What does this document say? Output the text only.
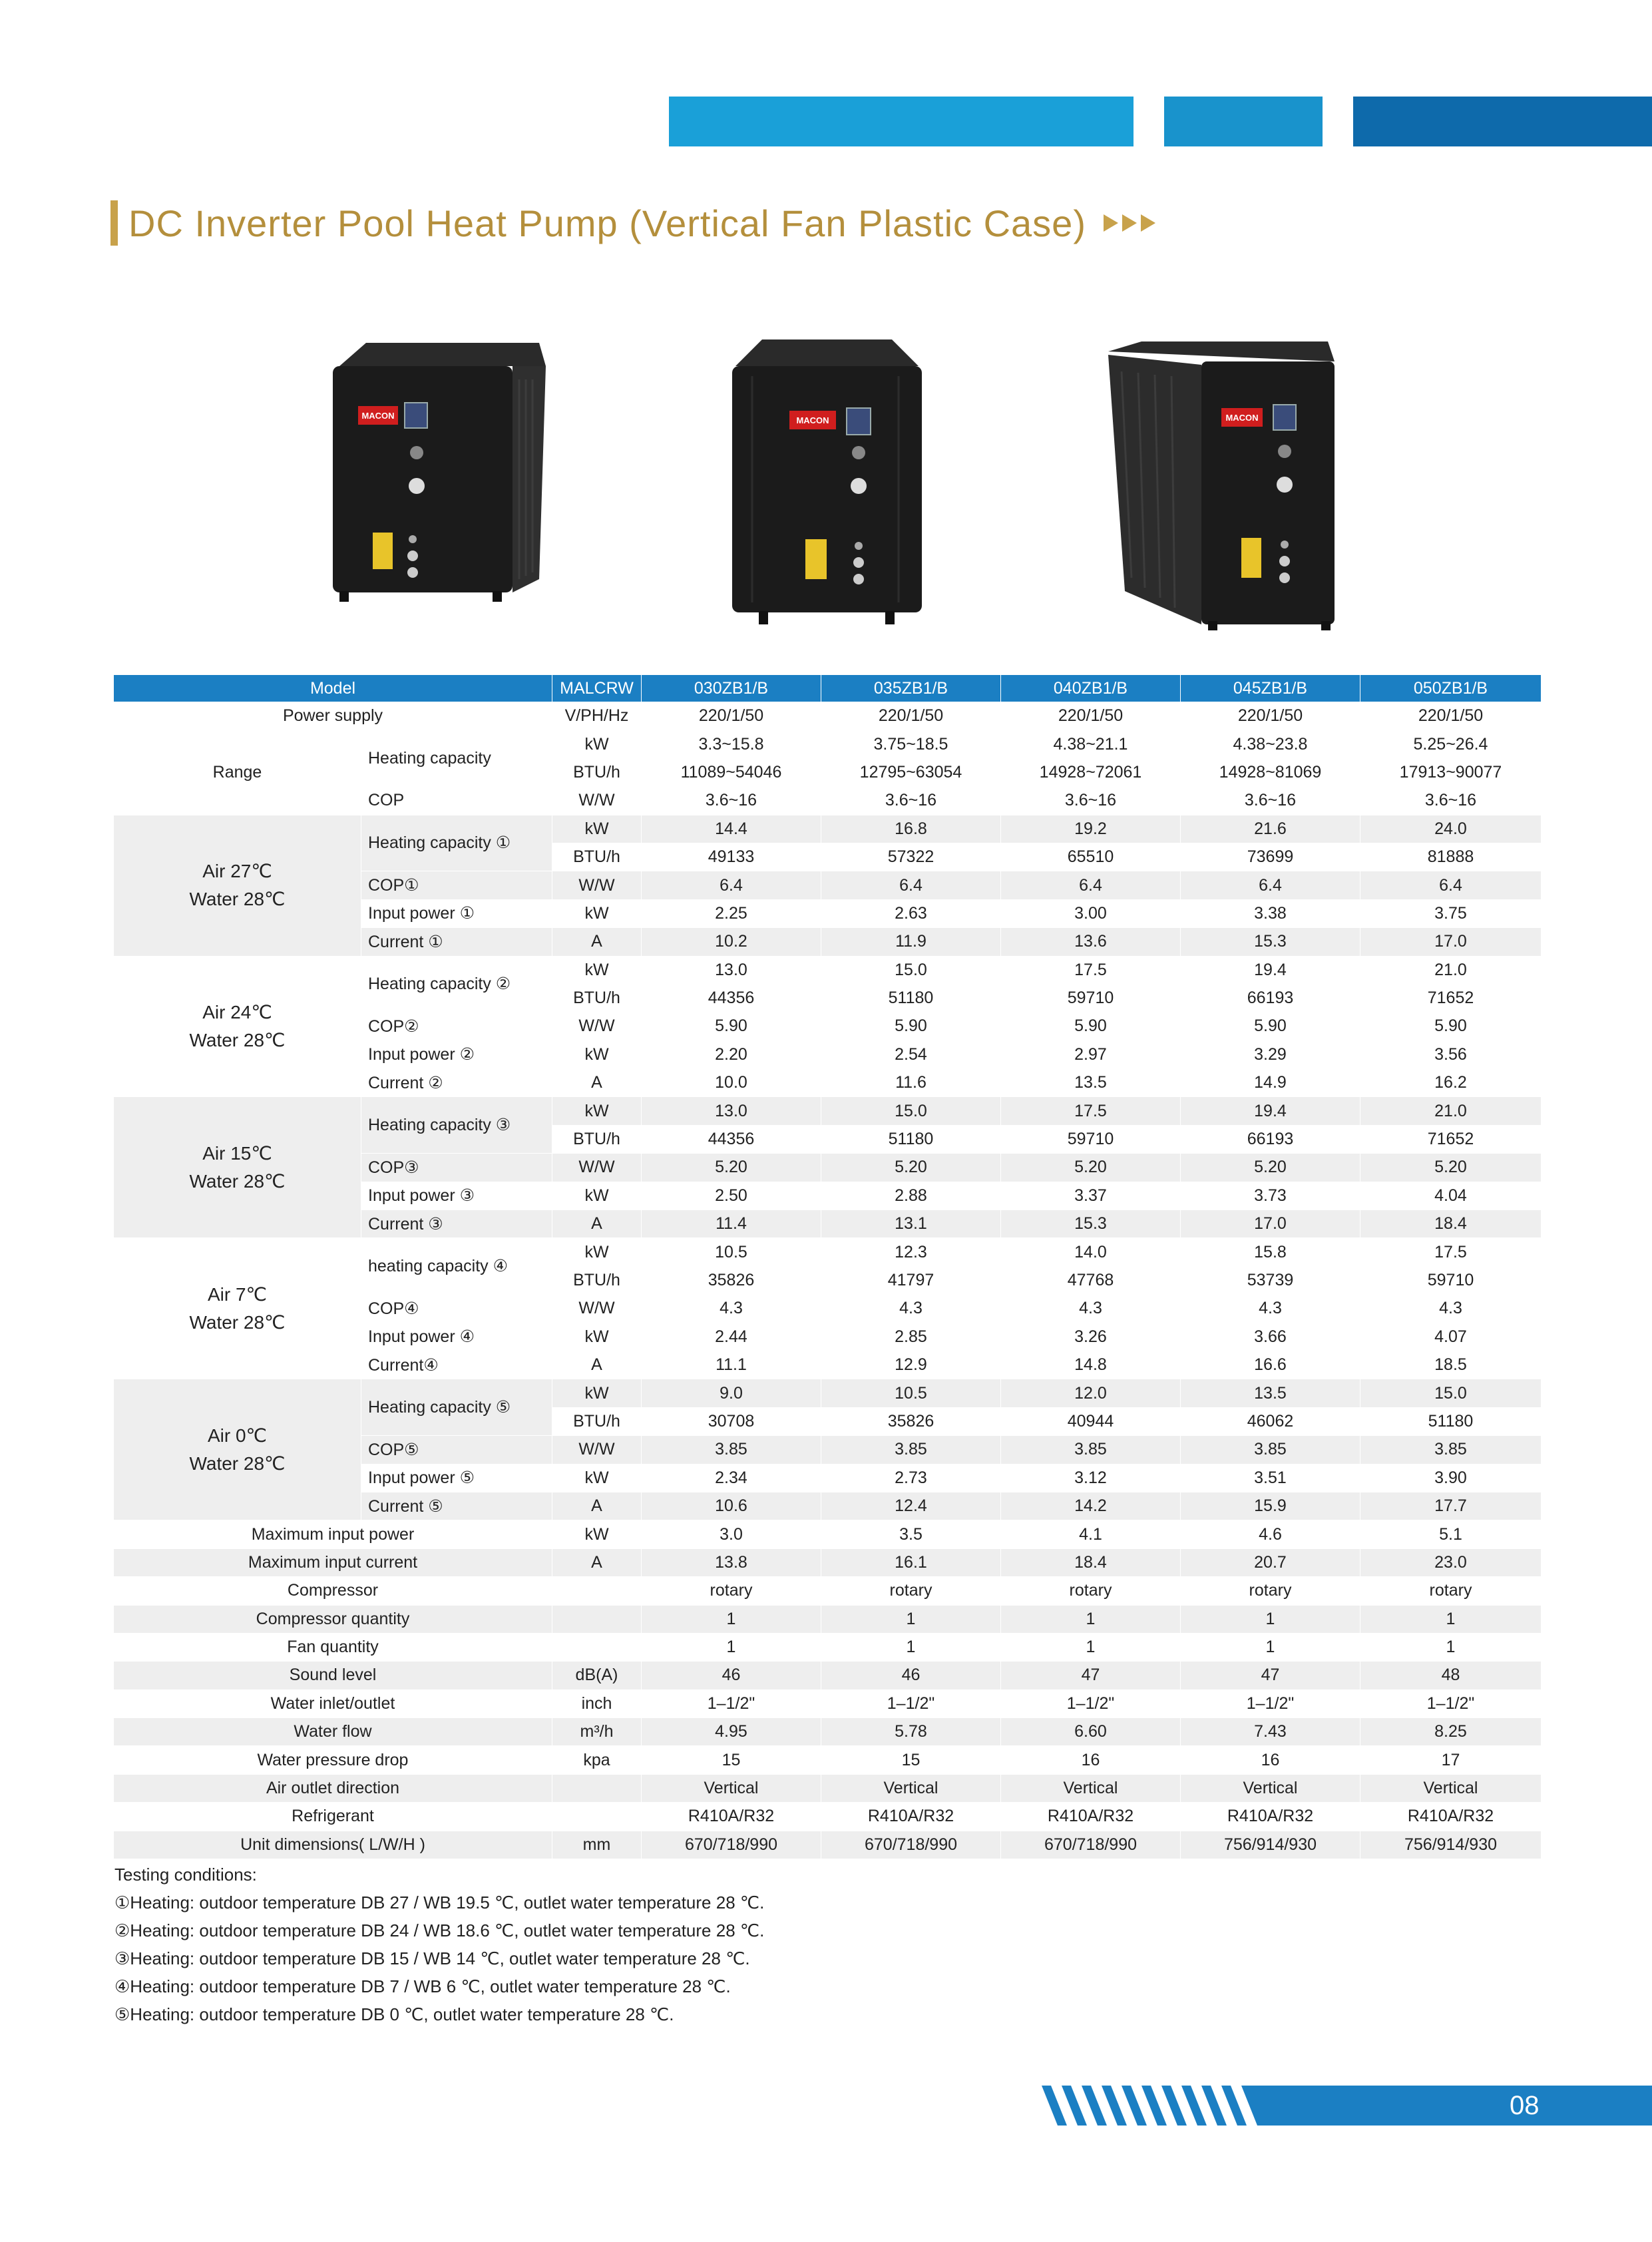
DC Inverter Pool Heat Pump (Vertical Fan Plastic Case)
MACON	MACON	MACON
Model		MALCRW	030ZB1/B	035ZB1/B	040ZB1/B	045ZB1/B	050ZB1/B
Power supply		V/PH/Hz	220/1/50	220/1/50	220/1/50	220/1/50	220/1/50
Range	Heating capacity	kW	3.3~15.8	3.75~18.5	4.38~21.1	4.38~23.8	5.25~26.4
		BTU/h	11089~54046	12795~63054	14928~72061	14928~81069	17913~90077
	COP	W/W	3.6~16	3.6~16	3.6~16	3.6~16	3.6~16

Air 27℃
Water 28℃	Heating capacity ①	kW	14.4	16.8	19.2	21.6	24.0
		BTU/h	49133	57322	65510	73699	81888
	COP①	W/W	6.4	6.4	6.4	6.4	6.4
	Input power ①	kW	2.25	2.63	3.00	3.38	3.75
	Current ①	A	10.2	11.9	13.6	15.3	17.0

Air 24℃
Water 28℃	Heating capacity ②	kW	13.0	15.0	17.5	19.4	21.0
		BTU/h	44356	51180	59710	66193	71652
	COP②	W/W	5.90	5.90	5.90	5.90	5.90
	Input power ②	kW	2.20	2.54	2.97	3.29	3.56
	Current ②	A	10.0	11.6	13.5	14.9	16.2

Air 15℃
Water 28℃	Heating capacity ③	kW	13.0	15.0	17.5	19.4	21.0
		BTU/h	44356	51180	59710	66193	71652
	COP③	W/W	5.20	5.20	5.20	5.20	5.20
	Input power ③	kW	2.50	2.88	3.37	3.73	4.04
	Current ③	A	11.4	13.1	15.3	17.0	18.4

Air 7℃
Water 28℃	heating capacity ④	kW	10.5	12.3	14.0	15.8	17.5
		BTU/h	35826	41797	47768	53739	59710
	COP④	W/W	4.3	4.3	4.3	4.3	4.3
	Input power ④	kW	2.44	2.85	3.26	3.66	4.07
	Current④	A	11.1	12.9	14.8	16.6	18.5

Air 0℃
Water 28℃	Heating capacity ⑤	kW	9.0	10.5	12.0	13.5	15.0
		BTU/h	30708	35826	40944	46062	51180
	COP⑤	W/W	3.85	3.85	3.85	3.85	3.85
	Input power ⑤	kW	2.34	2.73	3.12	3.51	3.90
	Current ⑤	A	10.6	12.4	14.2	15.9	17.7
Maximum input power		kW	3.0	3.5	4.1	4.6	5.1
Maximum input current		A	13.8	16.1	18.4	20.7	23.0
Compressor			rotary	rotary	rotary	rotary	rotary
Compressor quantity			1	1	1	1	1
Fan quantity			1	1	1	1	1
Sound level		dB(A)	46	46	47	47	48
Water inlet/outlet		inch	1–1/2"	1–1/2"	1–1/2"	1–1/2"	1–1/2"
Water flow		m³/h	4.95	5.78	6.60	7.43	8.25
Water pressure drop		kpa	15	15	16	16	17
Air outlet direction			Vertical	Vertical	Vertical	Vertical	Vertical
Refrigerant			R410A/R32	R410A/R32	R410A/R32	R410A/R32	R410A/R32
Unit dimensions( L/W/H )		mm	670/718/990	670/718/990	670/718/990	756/914/930	756/914/930
Testing conditions:
①Heating: outdoor temperature DB 27 / WB 19.5 ℃, outlet water temperature 28 ℃.
②Heating: outdoor temperature DB 24 / WB 18.6 ℃, outlet water temperature 28 ℃.
③Heating: outdoor temperature DB 15 / WB 14 ℃, outlet water temperature 28 ℃.
④Heating: outdoor temperature DB 7 / WB 6 ℃, outlet water temperature 28 ℃.
⑤Heating: outdoor temperature DB 0 ℃, outlet water temperature 28 ℃.
08
